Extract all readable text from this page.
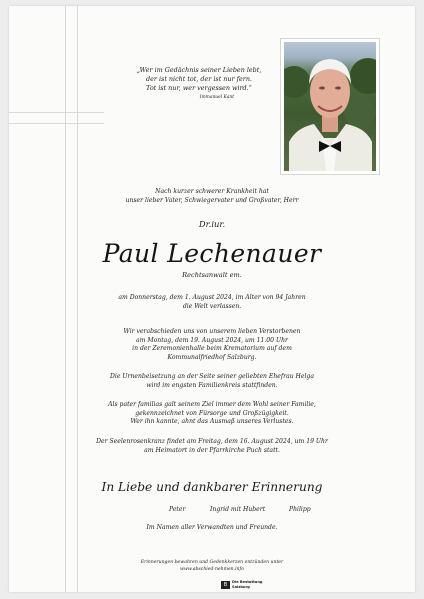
„Wer im Gedächnis seiner Lieben lebt,
der ist nicht tot, der ist nur fern.
Tot ist nur, wer vergessen wird.“
Immanuel Kant
Nach kurzer schwerer Krankheit hat
unser lieber Vater, Schwiegervater und Großvater, Herr
Dr.iur.
Paul Lechenauer
Rechtsanwalt em.
am Donnerstag, dem 1. August 2024, im Alter von 94 Jahren
die Welt verlassen.
Wir verabschieden uns von unserem lieben Verstorbenen
am Montag, dem 19. August 2024, um 11.00 Uhr
in der Zeremonienhalle beim Krematorium auf dem
Kommunalfriedhof Salzburg.
Die Urnenbeisetzung an der Seite seiner geliebten Ehefrau Helga
wird im engsten Familienkreis stattfinden.
Als pater familias galt seinem Ziel immer dem Wohl seiner Familie,
gekennzeichnet von Fürsorge und Großzügigkeit.
Wer ihn kannte, ahnt das Ausmaß unseres Verlustes.
Der Seelenrosenkranz findet am Freitag, dem 16. August 2024, um 19 Uhr
am Heimatort in der Pfarrkirche Puch statt.
In Liebe und dankbarer Erinnerung
Peter	Ingrid mit Hubert	Philipp
Im Namen aller Verwandten und Freunde.
Erinnerungen bewahren und Gedenkkerzen entzünden unter
www.abschied-nehmen.info
B	Die Bestattung
Salzburg
